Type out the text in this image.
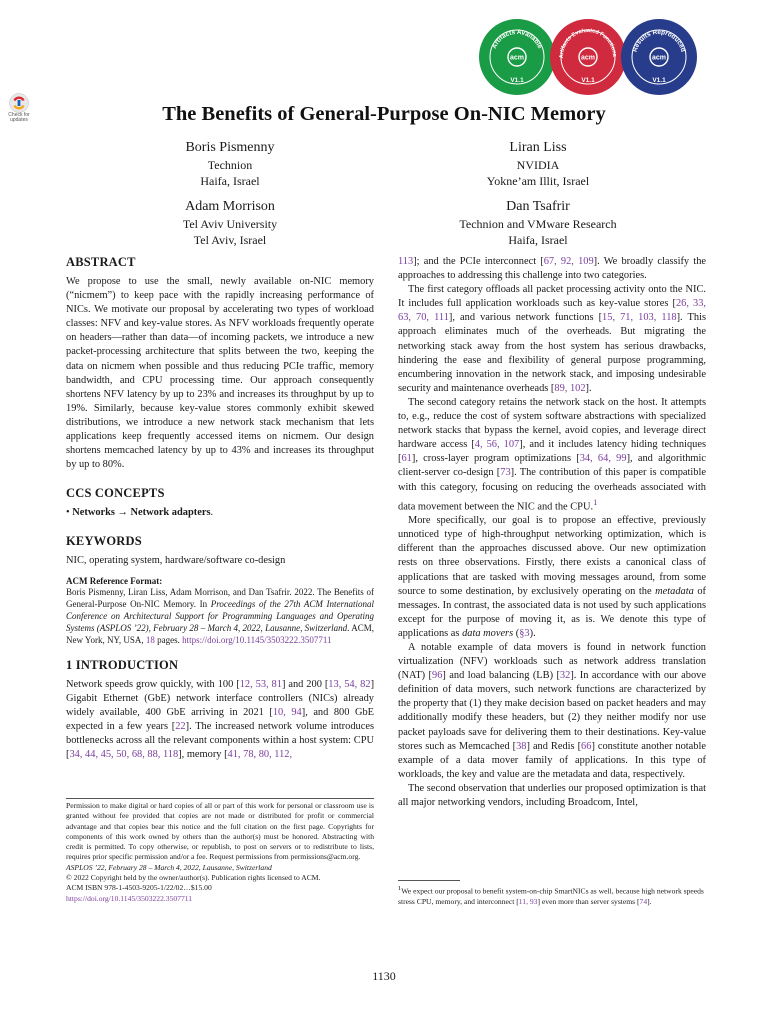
Check for updates
acm
V1.1
Artifacts Available
acm
V1.1
Artifacts Evaluated Functiona	acm
V1.1
Results Reproduced
The Benefits of General-Purpose On-NIC Memory
Boris Pismenny
Technion
Haifa, Israel
Liran Liss
NVIDIA
Yokne’am Illit, Israel
Adam Morrison
Tel Aviv University
Tel Aviv, Israel
Dan Tsafrir
Technion and VMware Research
Haifa, Israel
ABSTRACT

We propose to use the small, newly available on-NIC memory (“nicmem”) to keep pace with the rapidly increasing performance of NICs. We motivate our proposal by accelerating two types of workload classes: NFV and key-value stores. As NFV workloads frequently operate on headers—rather than data—of incoming packets, we introduce a new packet-processing architecture that splits between the two, keeping the data on nicmem when possible and thus reducing PCIe traffic, memory bandwidth, and CPU processing time. Our approach consequently shortens NFV latency by up to 23% and increases its throughput by up to 19%. Similarly, because key-value stores commonly exhibit skewed distributions, we introduce a new network stack mechanism that lets applications keep frequently accessed items on nicmem. Our design shortens memcached latency by up to 43% and increases its throughput by up to 80%.

CCS CONCEPTS

• Networks → Network adapters.

KEYWORDS

NIC, operating system, hardware/software co-design

ACM Reference Format:

Boris Pismenny, Liran Liss, Adam Morrison, and Dan Tsafrir. 2022. The Benefits of General-Purpose On-NIC Memory. In Proceedings of the 27th ACM International Conference on Architectural Support for Programming Languages and Operating Systems (ASPLOS ’22), February 28 – March 4, 2022, Lausanne, Switzerland. ACM, New York, NY, USA, 18 pages. https://doi.org/10.1145/3503222.3507711

1 INTRODUCTION

Network speeds grow quickly, with 100 [12, 53, 81] and 200 [13, 54, 82] Gigabit Ethernet (GbE) network interface controllers (NICs) already widely available, 400 GbE arriving in 2021 [10, 94], and 800 GbE expected in a few years [22]. The increased network volume introduces bottlenecks across all the relevant components within a host system: CPU [34, 44, 45, 50, 68, 88, 118], memory [41, 78, 80, 112,

113]; and the PCIe interconnect [67, 92, 109]. We broadly classify the approaches to addressing this challenge into two categories.

The first category offloads all packet processing activity onto the NIC. It includes full application workloads such as key-value stores [26, 33, 63, 70, 111], and various network functions [15, 71, 103, 118]. This approach eliminates much of the overheads. But migrating the networking stack away from the host system has serious drawbacks, hindering the ease and flexibility of general purpose programming, encumbering innovation in the network stack, and imposing undesirable security and maintenance overheads [89, 102].

The second category retains the network stack on the host. It attempts to, e.g., reduce the cost of system software abstractions with specialized network stacks that bypass the kernel, avoid copies, and leverage direct hardware access [4, 56, 107], and it includes latency hiding techniques [61], cross-layer program optimizations [34, 64, 99], and algorithmic client-server co-design [73]. The contribution of this paper is compatible with this category, focusing on reducing the overheads associated with data movement between the NIC and the CPU.$^1$

More specifically, our goal is to propose an effective, previously unnoticed type of high-throughput networking optimization, which is different than the approaches discussed above. Our new optimization rests on three observations. Firstly, there exists a canonical class of applications that are tasked with moving messages around, from some source to some destination, by exclusively operating on the metadata of messages. In contrast, the associated data is not used by such applications except for the purpose of moving it, as is. We denote this type of applications as data movers (§3).

A notable example of data movers is found in network function virtualization (NFV) workloads such as network address translation (NAT) [96] and load balancing (LB) [32]. In accordance with our above definition of data movers, such network functions are characterized by the property that (1) they make decision based on packet headers and may additionally modify these headers, but (2) they neither modify nor use packet payloads save for delivering them to their destinations. Key-value stores such as Memcached [38] and Redis [66] constitute another notable example of a data mover family of applications. In this type of workloads, the key and value are the metadata and data, respectively.

The second observation that underlies our proposed optimization is that all major networking vendors, including Broadcom, Intel,

Permission to make digital or hard copies of all or part of this work for personal or classroom use is granted without fee provided that copies are not made or distributed for profit or commercial advantage and that copies bear this notice and the full citation on the first page. Copyrights for components of this work owned by others than the author(s) must be honored. Abstracting with credit is permitted. To copy otherwise, or republish, to post on servers or to redistribute to lists, requires prior specific permission and/or a fee. Request permissions from permissions@acm.org.
ASPLOS ’22, February 28 – March 4, 2022, Lausanne, Switzerland
© 2022 Copyright held by the owner/author(s). Publication rights licensed to ACM.
ACM ISBN 978-1-4503-9205-1/22/02…$15.00
https://doi.org/10.1145/3503222.3507711
$^1$We expect our proposal to benefit system-on-chip SmartNICs as well, because high network speeds stress CPU, memory, and interconnect [11, 93] even more than server systems [74].
1130
